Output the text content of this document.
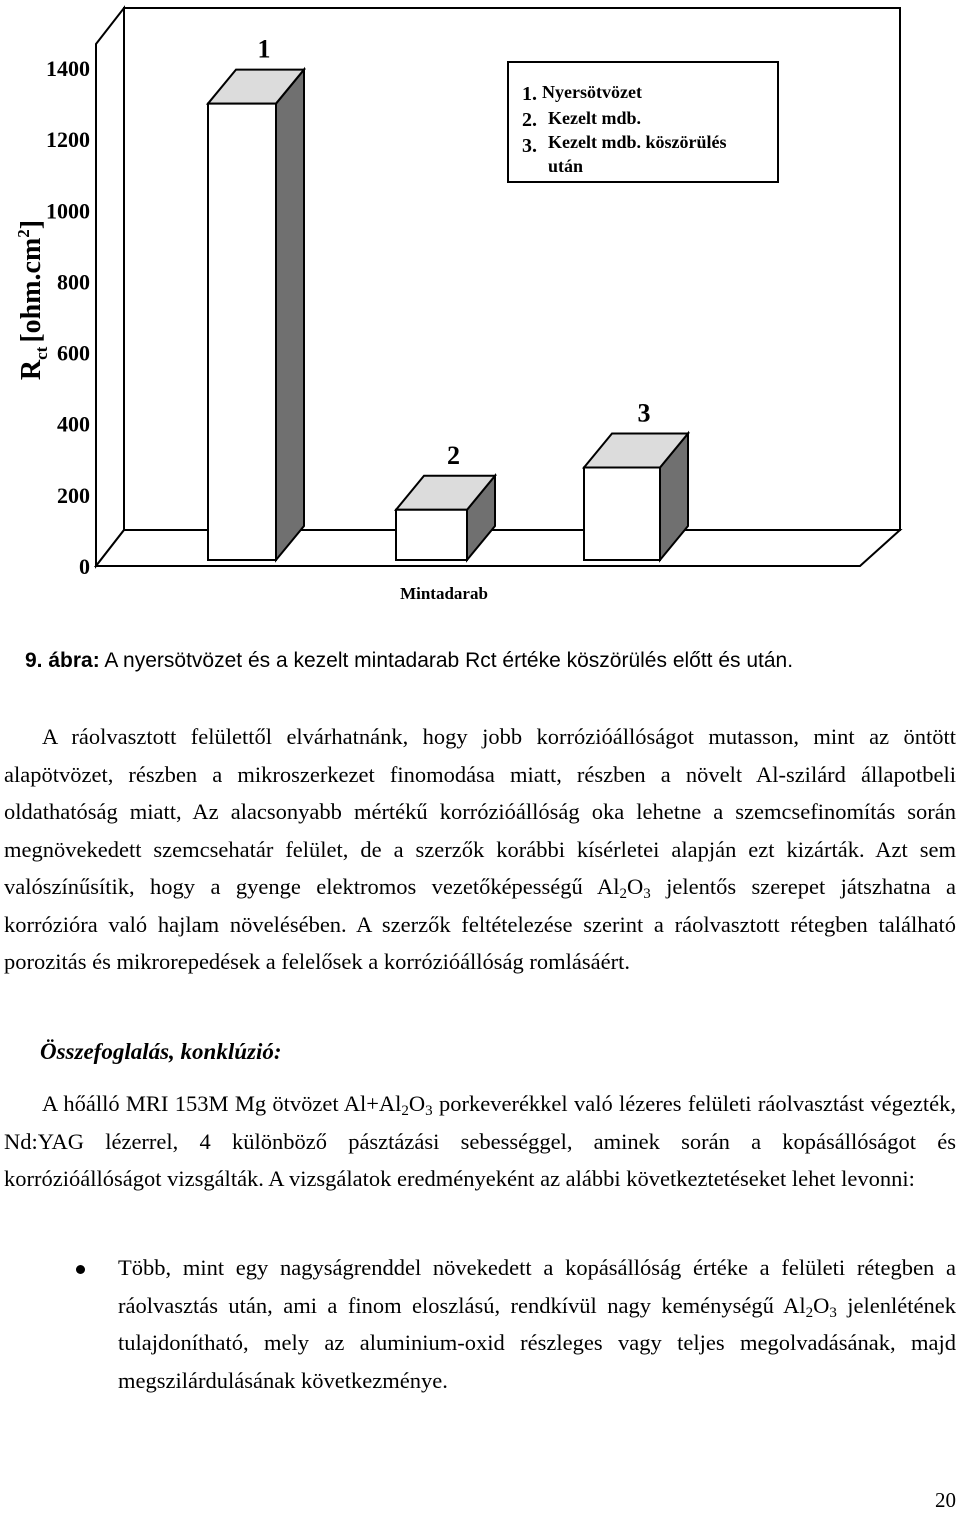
0
200
400
600
800
1000
1200
1400
1
2
3
1. Nyersötvözet
2. Kezelt mdb.
3. Kezelt mdb. köszörülés
után
$R_{ct}[ohm.cm^2]$
Mintadarab
9. ábra: A nyersötvözet és a kezelt mintadarab Rct értéke köszörülés előtt és után.

A ráolvasztott felülettől elvárhatnánk, hogy jobb korrózióállóságot mutasson, mint az öntött alapötvözet, részben a mikroszerkezet finomodása miatt, részben a növelt Al-szilárd állapotbeli oldathatóság miatt, Az alacsonyabb mértékű korrózióállóság oka lehetne a szemcsefinomítás során megnövekedett szemcsehatár felület, de a szerzők korábbi kísérletei alapján ezt kizárták. Azt sem valószínűsítik, hogy a gyenge elektromos vezetőképességű $Al_2O_3$ jelentős szerepet játszhatna a korrózióra való hajlam növelésében. A szerzők feltételezése szerint a ráolvasztott rétegben található porozitás és mikrorepedések a felelősek a korrózióállóság romlásáért.

Összefoglalás, konklúzió:

A hőálló MRI 153M Mg ötvözet $Al+Al_2O_3$ porkeverékkel való lézeres felületi ráolvasztást végezték, Nd:YAG lézerrel, 4 különböző pásztázási sebességgel, aminek során a kopásállóságot és korrózióállóságot vizsgálták. A vizsgálatok eredményeként az alábbi következtetéseket lehet levonni:

Több, mint egy nagyságrenddel növekedett a kopásállóság értéke a felületi rétegben a ráolvasztás után, ami a finom eloszlású, rendkívül nagy keménységű $Al_2O_3$ jelenlétének tulajdonítható, mely az aluminium-oxid részleges vagy teljes megolvadásának, majd megszilárdulásának következménye.

20
